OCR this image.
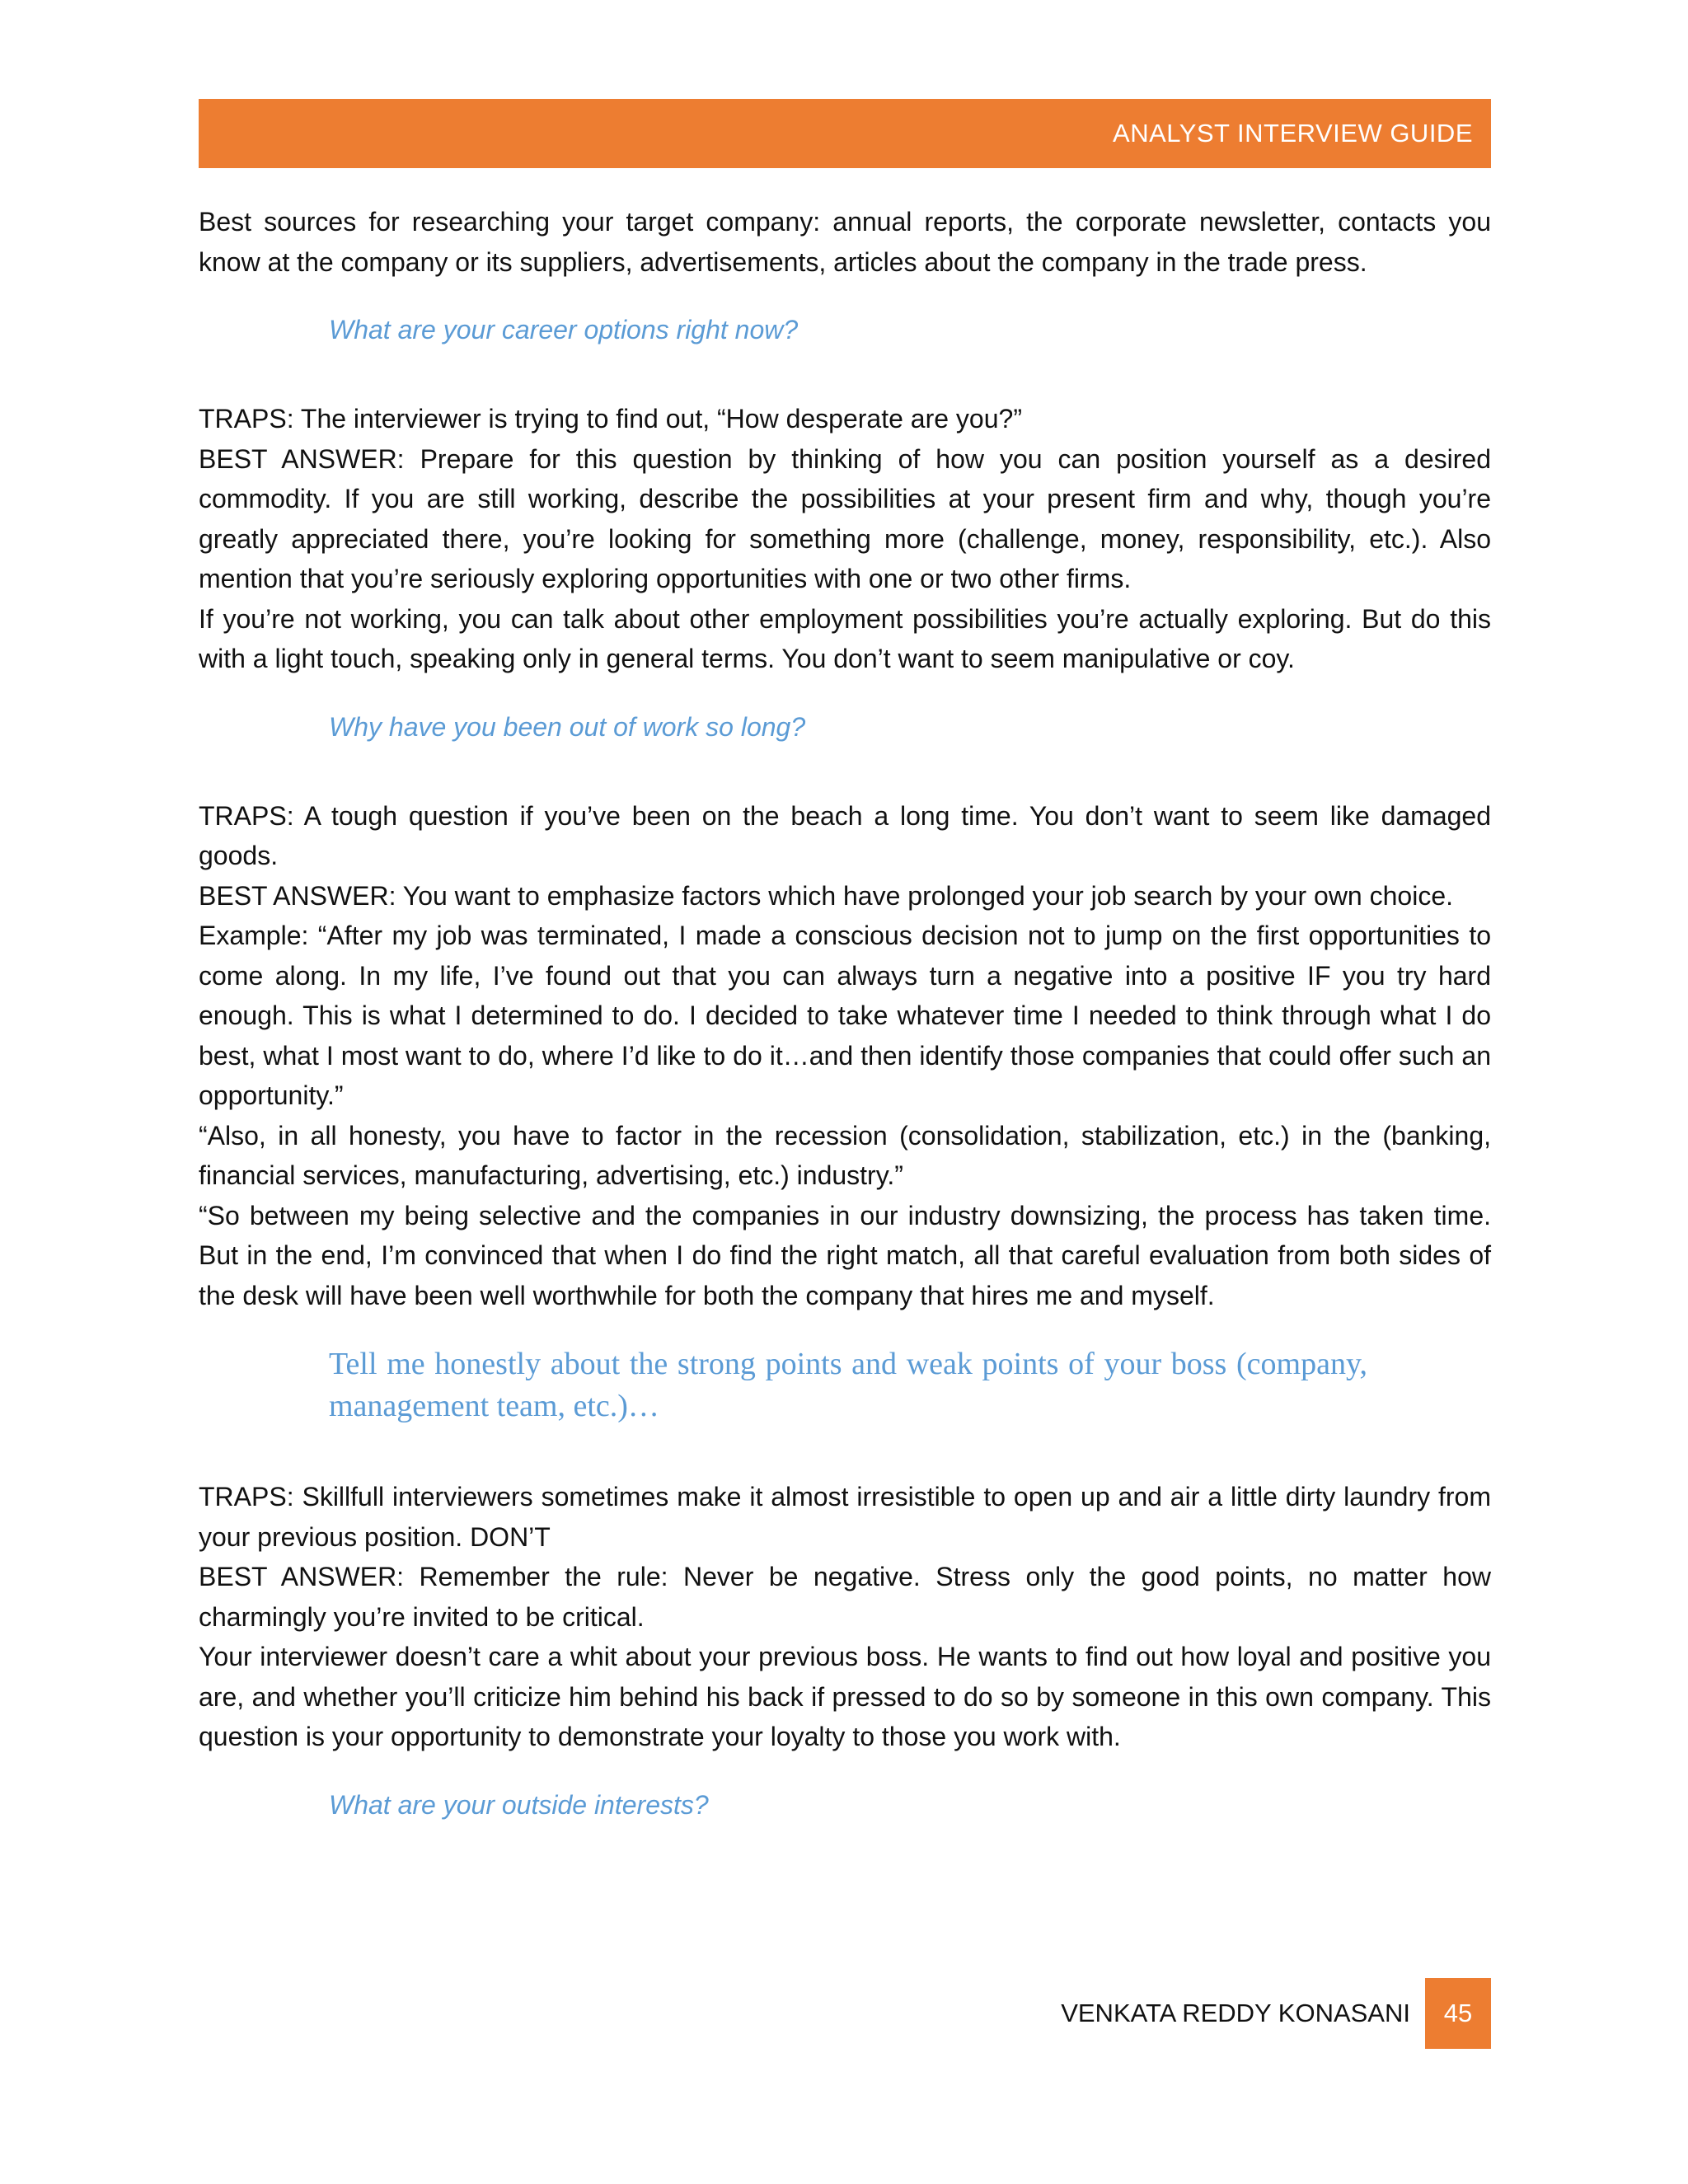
ANALYST INTERVIEW GUIDE

Best sources for researching your target company: annual reports, the corporate newsletter, contacts you know at the company or its suppliers, advertisements, articles about the company in the trade press.

What are your career options right now?

TRAPS: The interviewer is trying to find out, “How desperate are you?”

BEST ANSWER: Prepare for this question by thinking of how you can position yourself as a desired commodity. If you are still working, describe the possibilities at your present firm and why, though you’re greatly appreciated there, you’re looking for something more (challenge, money, responsibility, etc.). Also mention that you’re seriously exploring opportunities with one or two other firms.

If you’re not working, you can talk about other employment possibilities you’re actually exploring. But do this with a light touch, speaking only in general terms. You don’t want to seem manipulative or coy.

Why have you been out of work so long?

TRAPS: A tough question if you’ve been on the beach a long time. You don’t want to seem like damaged goods.

BEST ANSWER: You want to emphasize factors which have prolonged your job search by your own choice.

Example: “After my job was terminated, I made a conscious decision not to jump on the first opportunities to come along. In my life, I’ve found out that you can always turn a negative into a positive IF you try hard enough. This is what I determined to do. I decided to take whatever time I needed to think through what I do best, what I most want to do, where I’d like to do it…and then identify those companies that could offer such an opportunity.”

“Also, in all honesty, you have to factor in the recession (consolidation, stabilization, etc.) in the (banking, financial services, manufacturing, advertising, etc.) industry.”

“So between my being selective and the companies in our industry downsizing, the process has taken time. But in the end, I’m convinced that when I do find the right match, all that careful evaluation from both sides of the desk will have been well worthwhile for both the company that hires me and myself.

Tell me honestly about the strong points and weak points of your boss (company, management team, etc.)…

TRAPS: Skillfull interviewers sometimes make it almost irresistible to open up and air a little dirty laundry from your previous position. DON’T

BEST ANSWER: Remember the rule: Never be negative. Stress only the good points, no matter how charmingly you’re invited to be critical.

Your interviewer doesn’t care a whit about your previous boss. He wants to find out how loyal and positive you are, and whether you’ll criticize him behind his back if pressed to do so by someone in this own company. This question is your opportunity to demonstrate your loyalty to those you work with.

What are your outside interests?

VENKATA REDDY KONASANI	45
